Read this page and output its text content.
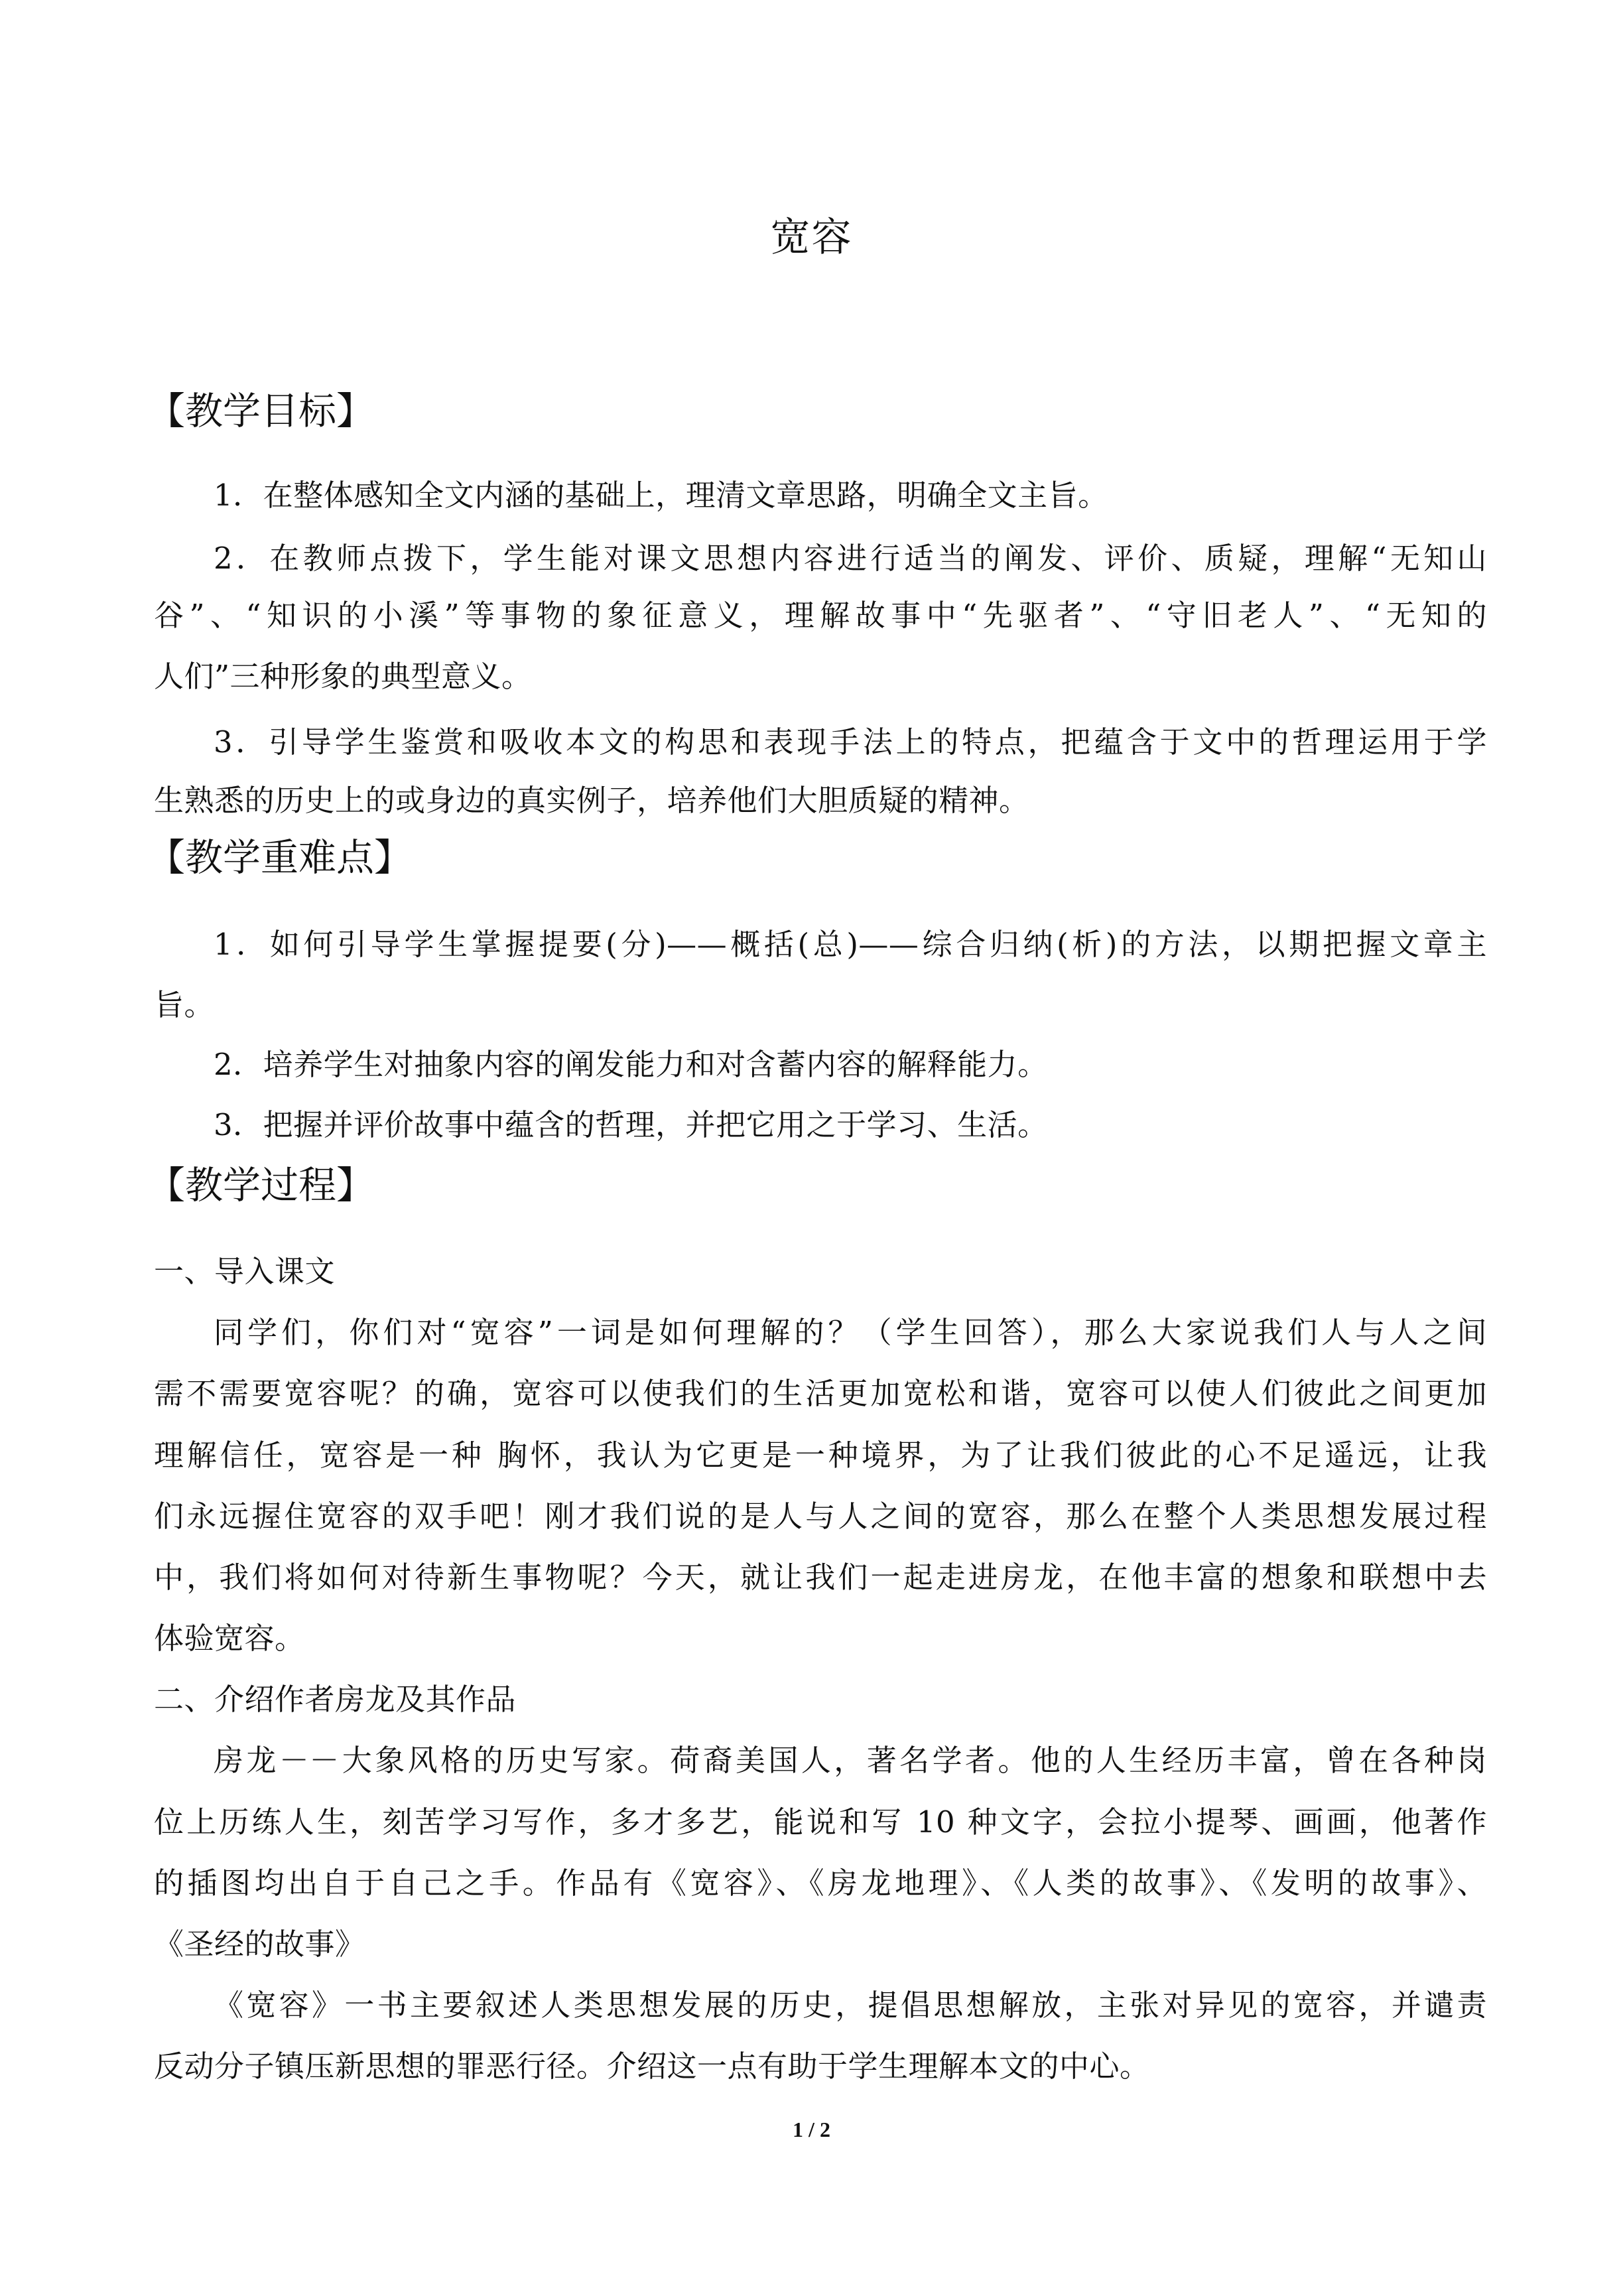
宽容
【教学目标】
1．在整体感知全文内涵的基础上，理清文章思路，明确全文主旨。
2．在教师点拨下，学生能对课文思想内容进行适当的阐发、评价、质疑，理解“无知山
谷”、“知识的小溪”等事物的象征意义，理解故事中“先驱者”、“守旧老人”、“无知的
人们”三种形象的典型意义。
3．引导学生鉴赏和吸收本文的构思和表现手法上的特点，把蕴含于文中的哲理运用于学
生熟悉的历史上的或身边的真实例子，培养他们大胆质疑的精神。
【教学重难点】
1．如何引导学生掌握提要(分)——概括(总)——综合归纳(析)的方法，以期把握文章主
旨。
2．培养学生对抽象内容的阐发能力和对含蓄内容的解释能力。
3．把握并评价故事中蕴含的哲理，并把它用之于学习、生活。
【教学过程】
一、导入课文
同学们，你们对“宽容”一词是如何理解的？（学生回答），那么大家说我们人与人之间
需不需要宽容呢？的确，宽容可以使我们的生活更加宽松和谐，宽容可以使人们彼此之间更加
理解信任，宽容是一种 胸怀，我认为它更是一种境界，为了让我们彼此的心不足遥远，让我
们永远握住宽容的双手吧！刚才我们说的是人与人之间的宽容，那么在整个人类思想发展过程
中，我们将如何对待新生事物呢？今天，就让我们一起走进房龙，在他丰富的想象和联想中去
体验宽容。
二、介绍作者房龙及其作品
房龙－－大象风格的历史写家。荷裔美国人，著名学者。他的人生经历丰富，曾在各种岗
位上历练人生，刻苦学习写作，多才多艺，能说和写 10 种文字，会拉小提琴、画画，他著作
的插图均出自于自己之手。作品有《宽容》、《房龙地理》、《人类的故事》、《发明的故事》、
《圣经的故事》
《宽容》一书主要叙述人类思想发展的历史，提倡思想解放，主张对异见的宽容，并谴责
反动分子镇压新思想的罪恶行径。介绍这一点有助于学生理解本文的中心。
1 / 2
